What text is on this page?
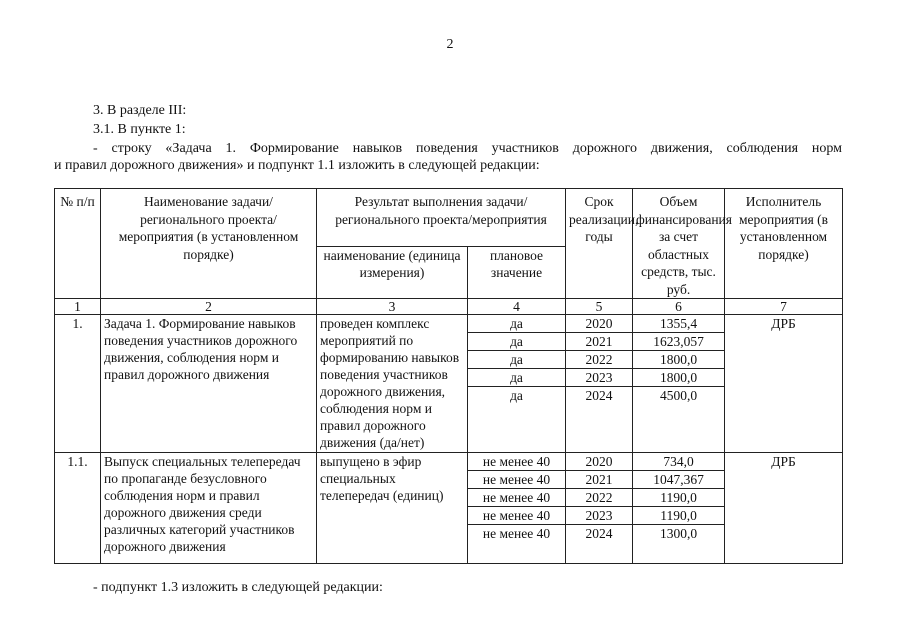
2
3. В разделе III:
3.1. В пункте 1:
- строку «Задача 1. Формирование навыков поведения участников дорожного движения, соблюдения норм
и правил дорожного движения» и подпункт 1.1 изложить в следующей редакции:
№ п/п	Наименование задачи/ регионального проекта/ мероприятия (в установленном порядке)	Результат выполнения задачи/регионального проекта/мероприятия		Срок реализации, годы	Объем финансирования за счет областных средств, тыс. руб.	Исполнитель мероприятия (в установленном порядке)
		наименование (единица измерения)	плановое значение			
1	2	3	4	5	6	7
1.	Задача 1. Формирование навыков поведения участников дорожного движения, соблюдения норм и правил дорожного движения	проведен комплекс мероприятий по формированию навыков поведения участников дорожного движения, соблюдения норм и правил дорожного движения (да/нет)	да	2020	1355,4	ДРБ
			да	2021	1623,057	
			да	2022	1800,0	
			да	2023	1800,0	
			да	2024	4500,0	

1.1.	Выпуск специальных телепередач по пропаганде безусловного соблюдения норм и правил дорожного движения среди различных категорий участников дорожного движения	выпущено в эфир специальных телепередач (единиц)	не менее 40	2020	734,0	ДРБ
			не менее 40	2021	1047,367	
			не менее 40	2022	1190,0	
			не менее 40	2023	1190,0	
			не менее 40	2024	1300,0	
- подпункт 1.3 изложить в следующей редакции:
